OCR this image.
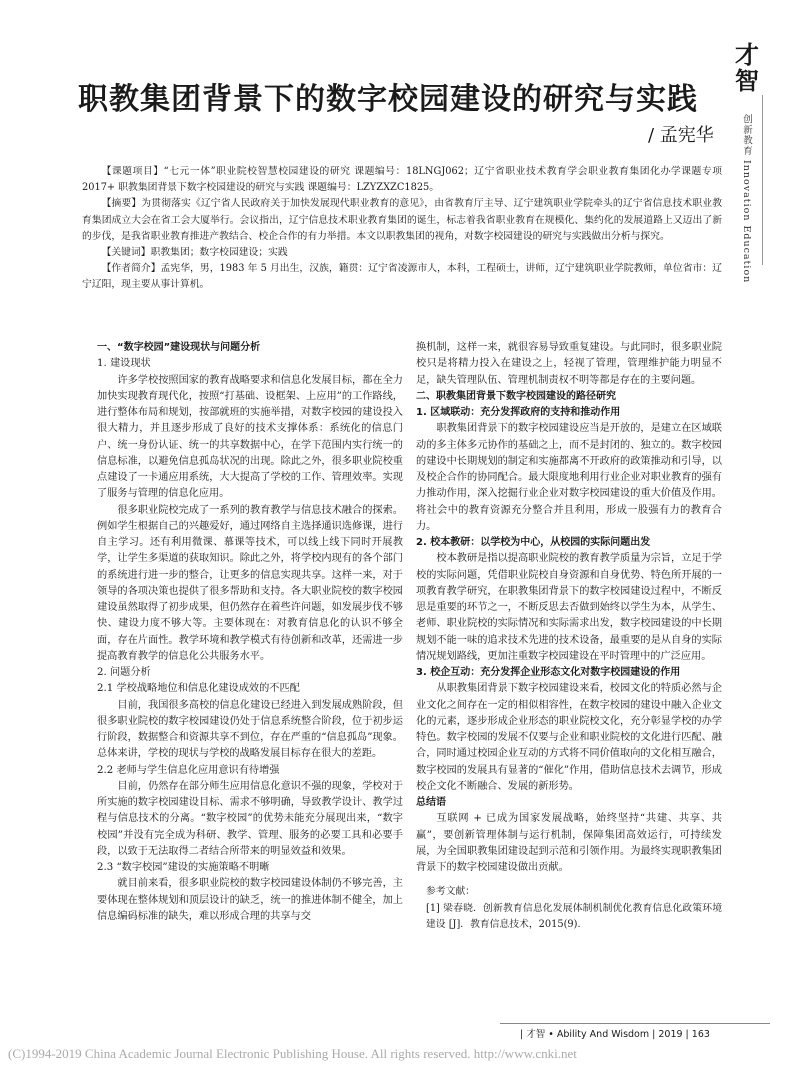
职教集团背景下的数字校园建设的研究与实践
/ 孟宪华
才智
创新教育 Innovation Education

【课题项目】“七元一体”职业院校智慧校园建设的研究 课题编号：18LNGJ062；辽宁省职业技术教育学会职业教育集团化办学课题专项 2017+ 职教集团背景下数字校园建设的研究与实践 课题编号：LZYZXZC1825。

【摘要】为贯彻落实《辽宁省人民政府关于加快发展现代职业教育的意见》，由省教育厅主导、辽宁建筑职业学院牵头的辽宁省信息技术职业教育集团成立大会在省工会大厦举行。会议指出，辽宁信息技术职业教育集团的诞生，标志着我省职业教育在规模化、集约化的发展道路上又迈出了新的步伐，是我省职业教育推进产教结合、校企合作的有力举措。本文以职教集团的视角，对数字校园建设的研究与实践做出分析与探究。

【关键词】职教集团；数字校园建设；实践

【作者简介】孟宪华，男，1983 年 5 月出生，汉族，籍贯：辽宁省凌源市人，本科，工程硕士，讲师，辽宁建筑职业学院教师，单位省市：辽宁辽阳，现主要从事计算机。

一、“数字校园”建设现状与问题分析

1. 建设现状

许多学校按照国家的教育战略要求和信息化发展目标，都在全力加快实现教育现代化，按照“打基础、设框架、上应用”的工作路线，进行整体布局和规划，按部就班的实施举措，对数字校园的建设投入很大精力，并且逐步形成了良好的技术支撑体系：系统化的信息门户、统一身份认证、统一的共享数据中心，在学下范围内实行统一的信息标准，以避免信息孤岛状况的出现。除此之外，很多职业院校重点建设了一卡通应用系统，大大提高了学校的工作、管理效率。实现了服务与管理的信息化应用。

很多职业院校完成了一系列的教育教学与信息技术融合的探索。例如学生根据自己的兴趣爱好，通过网络自主选择通识选修课，进行自主学习。还有利用微课、慕课等技术，可以线上线下同时开展教学，让学生多渠道的获取知识。除此之外，将学校内现有的各个部门的系统进行进一步的整合，让更多的信息实现共享。这样一来，对于领导的各项决策也提供了很多帮助和支持。各大职业院校的数字校园建设虽然取得了初步成果，但仍然存在着些许问题，如发展步伐不够快、建设力度不够大等。主要体现在：对教育信息化的认识不够全面，存在片面性。教学环境和教学模式有待创新和改革，还需进一步提高教育教学的信息化公共服务水平。

2. 问题分析

2.1 学校战略地位和信息化建设成效的不匹配

目前，我国很多高校的信息化建设已经进入到发展成熟阶段，但很多职业院校的数字校园建设仍处于信息系统整合阶段，位于初步运行阶段，数据整合和资源共享不到位，存在严重的“信息孤岛”现象。总体来讲，学校的现状与学校的战略发展目标存在很大的差距。

2.2 老师与学生信息化应用意识有待增强

目前，仍然存在部分师生应用信息化意识不强的现象，学校对于所实施的数字校园建设目标、需求不够明确，导致教学设计、教学过程与信息技术的分离。“数字校园”的优势未能充分展现出来，“数字校园”并没有完全成为科研、教学、管理、服务的必要工具和必要手段，以致于无法取得二者结合所带来的明显效益和效果。

2.3 “数字校园”建设的实施策略不明晰

就目前来看，很多职业院校的数字校园建设体制仍不够完善，主要体现在整体规划和顶层设计的缺乏，统一的推进体制不健全，加上信息编码标准的缺失，难以形成合理的共享与交

换机制，这样一来，就很容易导致重复建设。与此同时，很多职业院校只是将精力投入在建设之上，轻视了管理，管理维护能力明显不足，缺失管理队伍、管理机制责权不明等都是存在的主要问题。

二、职教集团背景下数字校园建设的路径研究

1. 区域联动：充分发挥政府的支持和推动作用

职教集团背景下的数字校园建设应当是开放的，是建立在区域联动的多主体多元协作的基础之上，而不是封闭的、独立的。数字校园的建设中长期规划的制定和实施都离不开政府的政策推动和引导，以及校企合作的协同配合。最大限度地利用行业企业对职业教育的强有力推动作用，深入挖掘行业企业对数字校园建设的重大价值及作用。将社会中的教育资源充分整合并且利用，形成一股强有力的教育合力。

2. 校本教研：以学校为中心，从校园的实际问题出发

校本教研是指以提高职业院校的教育教学质量为宗旨，立足于学校的实际问题，凭借职业院校自身资源和自身优势、特色所开展的一项教育教学研究，在职教集团背景下的数字校园建设过程中，不断反思是重要的环节之一，不断反思去否做到始终以学生为本，从学生、老师、职业院校的实际情况和实际需求出发，数字校园建设的中长期规划不能一味的追求技术先进的技术设备，最重要的是从自身的实际情况规划路线，更加注重数字校园建设在平时管理中的广泛应用。

3. 校企互动：充分发挥企业形态文化对数字校园建设的作用

从职教集团背景下数字校园建设来看，校园文化的特质必然与企业文化之间存在一定的相似相容性，在数字校园的建设中融入企业文化的元素，逐步形成企业形态的职业院校文化，充分彰显学校的办学特色。数字校园的发展不仅要与企业和职业院校的文化进行匹配、融合，同时通过校园企业互动的方式将不同价值取向的文化相互融合，数字校园的发展具有显著的“催化”作用，借助信息技术去调节，形成校企文化不断融合、发展的新形势。

总结语

互联网 + 已成为国家发展战略，始终坚持“共建、共享、共赢”，要创新管理体制与运行机制，保障集团高效运行，可持续发展，为全国职教集团建设起到示范和引领作用。为最终实现职教集团背景下的数字校园建设做出贡献。

参考文献：

[1] 梁春晓．创新教育信息化发展体制机制优化教育信息化政策环境建设 [J]．教育信息技术，2015(9).

| 才智 • Ability And Wisdom | 2019 | 163
(C)1994-2019 China Academic Journal Electronic Publishing House. All rights reserved. http://www.cnki.net
